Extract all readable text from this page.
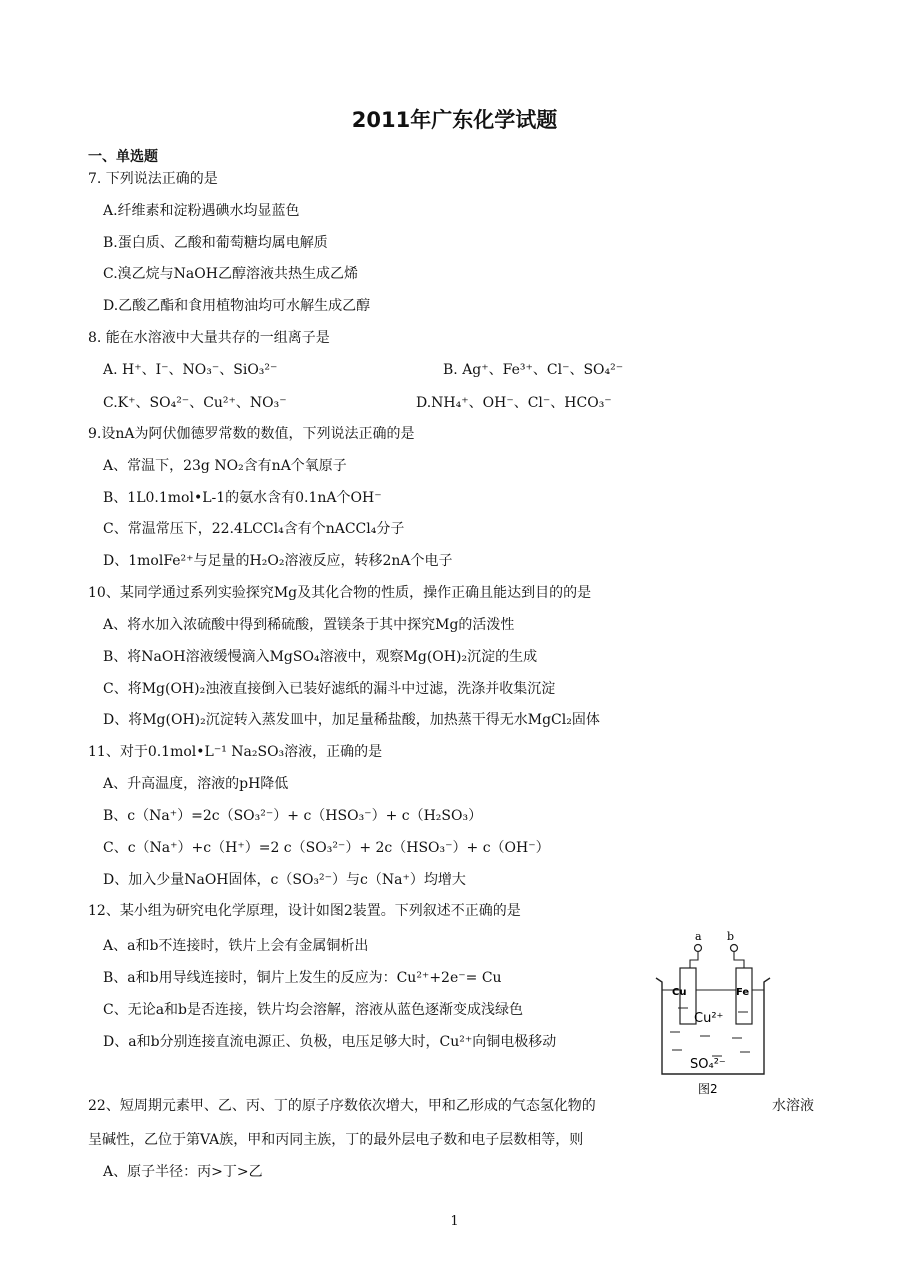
2011年广东化学试题
一、单选题
7. 下列说法正确的是
A.纤维素和淀粉遇碘水均显蓝色
B.蛋白质、乙酸和葡萄糖均属电解质
C.溴乙烷与NaOH乙醇溶液共热生成乙烯
D.乙酸乙酯和食用植物油均可水解生成乙醇
8. 能在水溶液中大量共存的一组离子是
A. H⁺、I⁻、NO₃⁻、SiO₃²⁻	B. Ag⁺、Fe³⁺、Cl⁻、SO₄²⁻
C.K⁺、SO₄²⁻、Cu²⁺、NO₃⁻	D.NH₄⁺、OH⁻、Cl⁻、HCO₃⁻
9.设nA为阿伏伽德罗常数的数值，下列说法正确的是
A、常温下，23g NO₂含有nA个氧原子
B、1L0.1mol•L-1的氨水含有0.1nA个OH⁻
C、常温常压下，22.4LCCl₄含有个nACCl₄分子
D、1molFe²⁺与足量的H₂O₂溶液反应，转移2nA个电子
10、某同学通过系列实验探究Mg及其化合物的性质，操作正确且能达到目的的是
A、将水加入浓硫酸中得到稀硫酸，置镁条于其中探究Mg的活泼性
B、将NaOH溶液缓慢滴入MgSO₄溶液中，观察Mg(OH)₂沉淀的生成
C、将Mg(OH)₂浊液直接倒入已装好滤纸的漏斗中过滤，洗涤并收集沉淀
D、将Mg(OH)₂沉淀转入蒸发皿中，加足量稀盐酸，加热蒸干得无水MgCl₂固体
11、对于0.1mol•L⁻¹ Na₂SO₃溶液，正确的是
A、升高温度，溶液的pH降低
B、c（Na⁺）=2c（SO₃²⁻）+ c（HSO₃⁻）+ c（H₂SO₃）
C、c（Na⁺）+c（H⁺）=2 c（SO₃²⁻）+ 2c（HSO₃⁻）+ c（OH⁻）
D、加入少量NaOH固体，c（SO₃²⁻）与c（Na⁺）均增大
12、某小组为研究电化学原理，设计如图2装置。下列叙述不正确的是
A、a和b不连接时，铁片上会有金属铜析出
B、a和b用导线连接时，铜片上发生的反应为：Cu²⁺+2e⁻= Cu
C、无论a和b是否连接，铁片均会溶解，溶液从蓝色逐渐变成浅绿色
D、a和b分别连接直流电源正、负极，电压足够大时，Cu²⁺向铜电极移动
a b
Cu	Fe
Cu²⁺
SO₄²⁻
图2
22、短周期元素甲、乙、丙、丁的原子序数依次增大，甲和乙形成的气态氢化物的	水溶液
呈碱性，乙位于第VA族，甲和丙同主族，丁的最外层电子数和电子层数相等，则
A、原子半径：丙>丁>乙
1
